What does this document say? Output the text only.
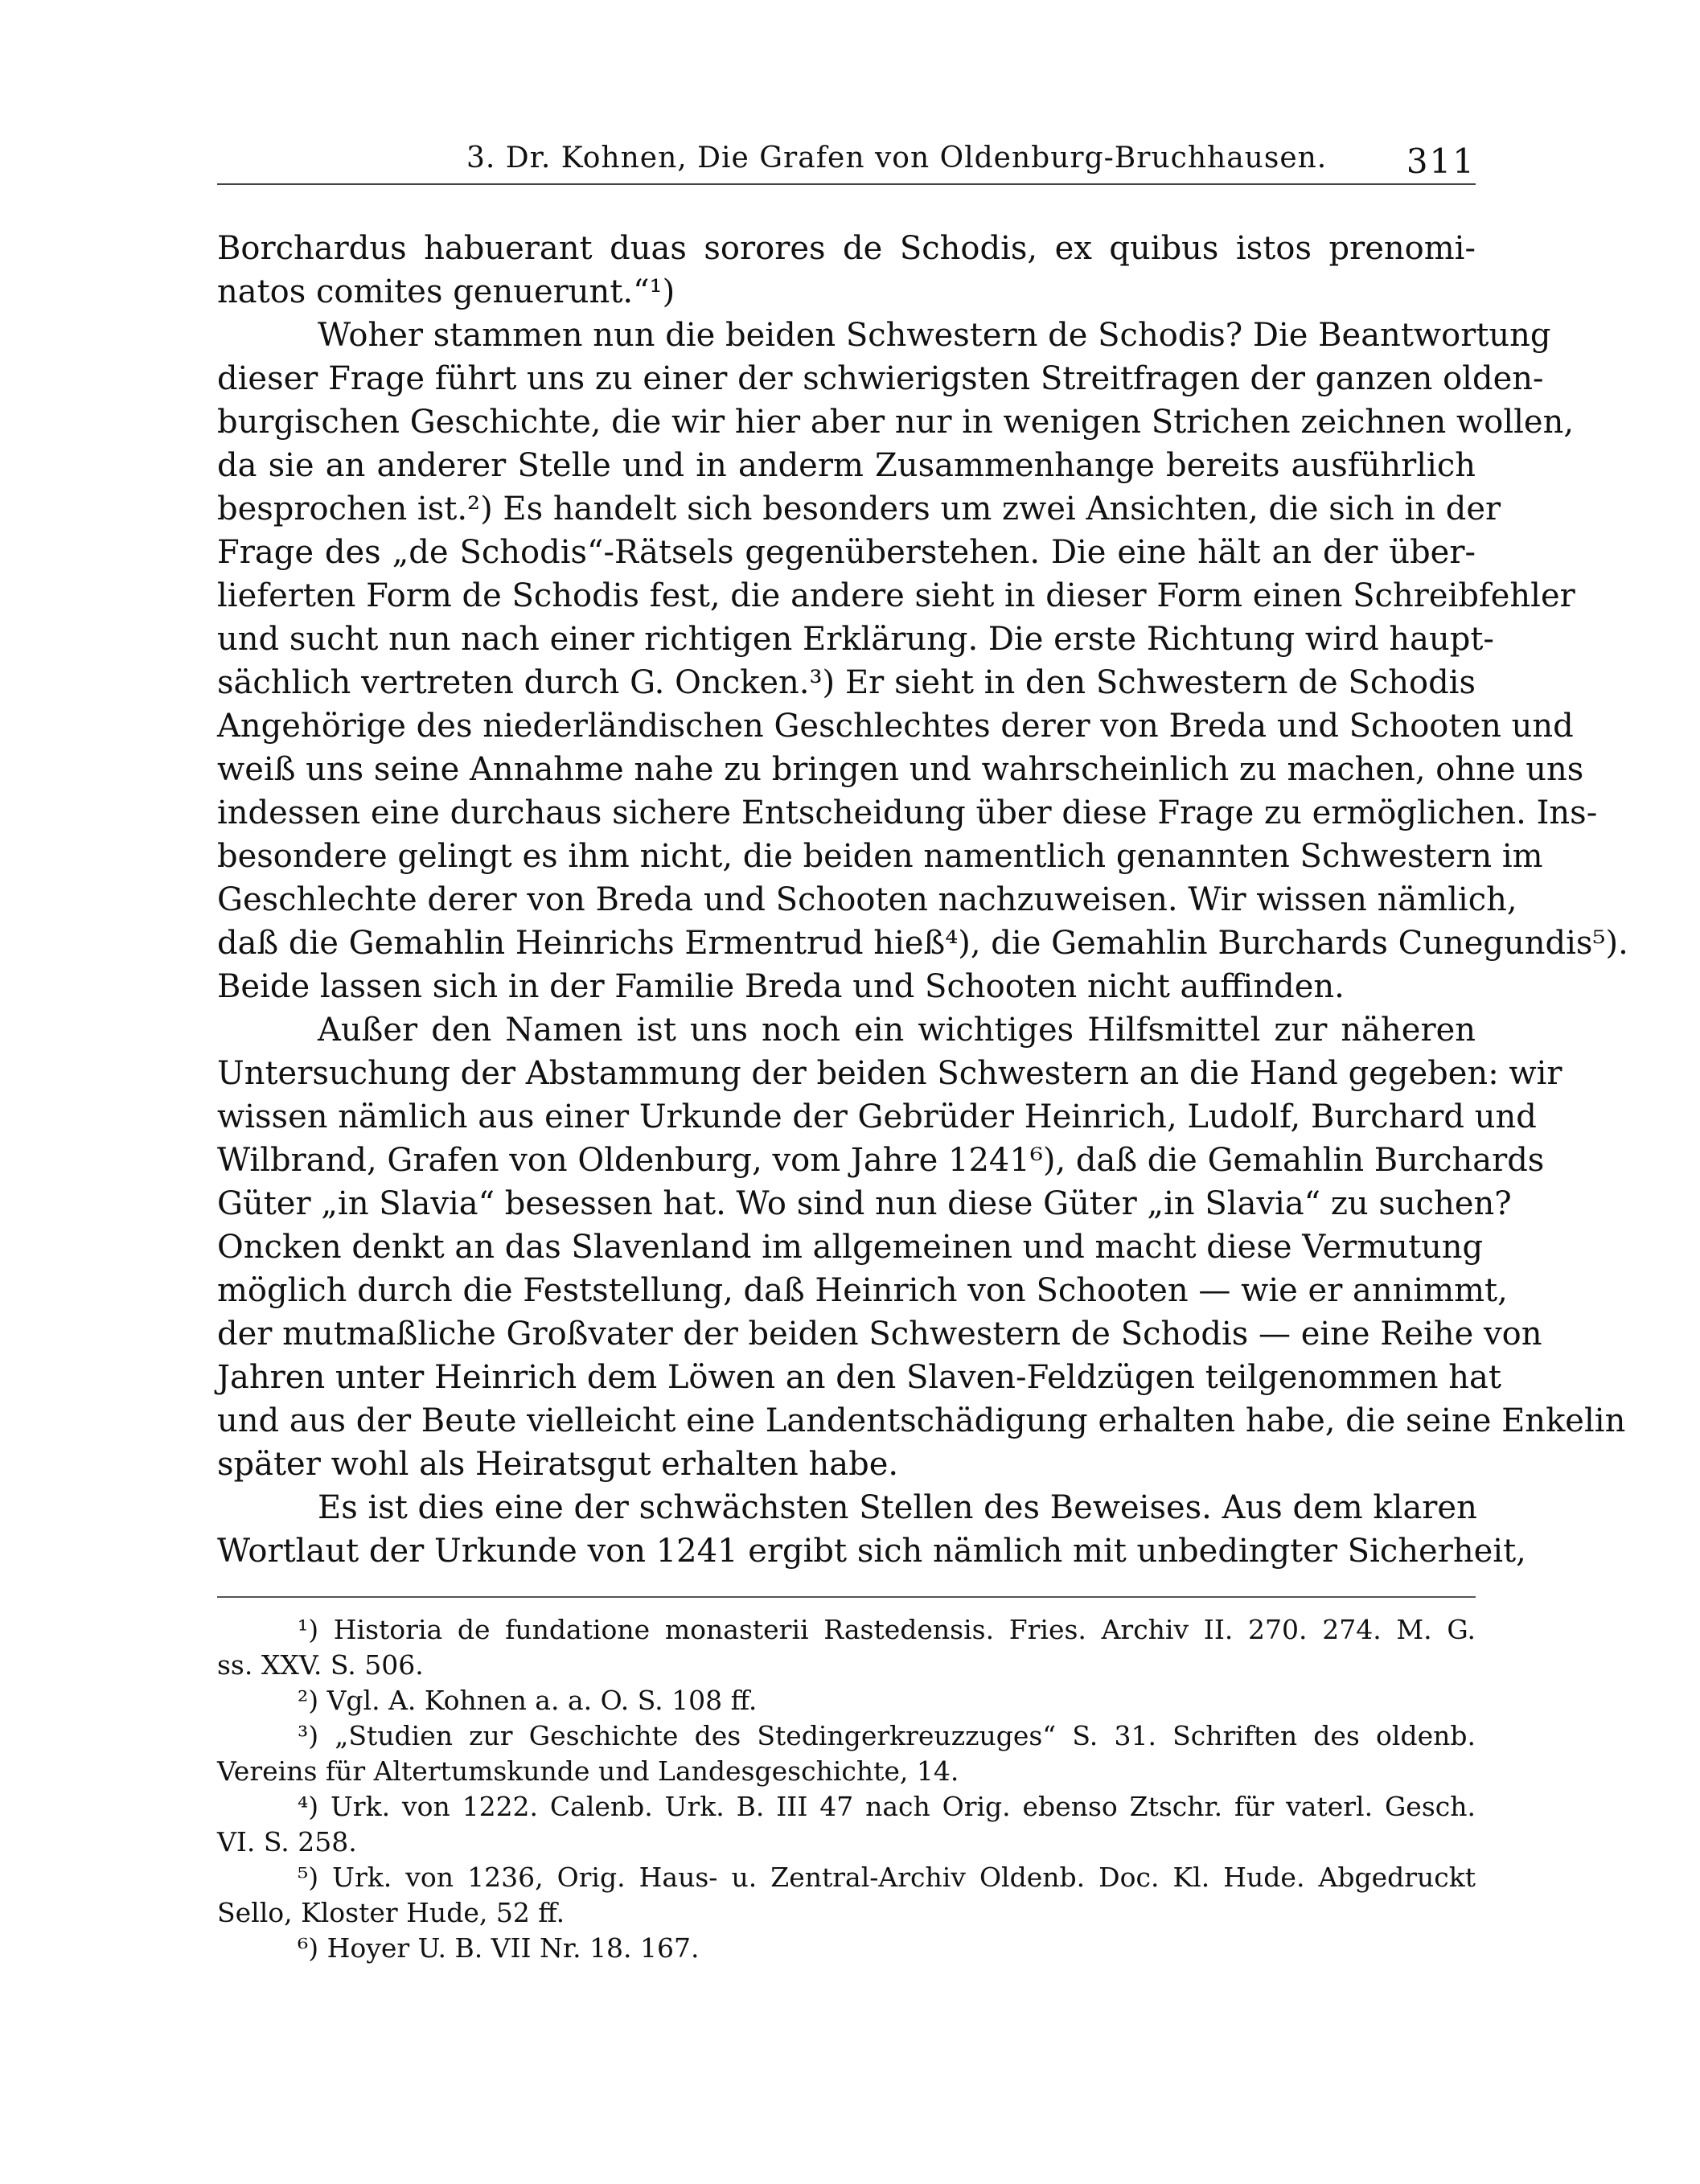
3. Dr. Kohnen, Die Grafen von Oldenburg-Bruchhausen. 311
Borchardus habuerant duas sorores de Schodis, ex quibus istos prenomi-
natos comites genuerunt.“¹)
Woher stammen nun die beiden Schwestern de Schodis? Die Beantwortung
dieser Frage führt uns zu einer der schwierigsten Streitfragen der ganzen olden-
burgischen Geschichte, die wir hier aber nur in wenigen Strichen zeichnen wollen,
da sie an anderer Stelle und in anderm Zusammenhange bereits ausführlich
besprochen ist.²) Es handelt sich besonders um zwei Ansichten, die sich in der
Frage des „de Schodis“-Rätsels gegenüberstehen. Die eine hält an der über-
lieferten Form de Schodis fest, die andere sieht in dieser Form einen Schreibfehler
und sucht nun nach einer richtigen Erklärung. Die erste Richtung wird haupt-
sächlich vertreten durch G. Oncken.³) Er sieht in den Schwestern de Schodis
Angehörige des niederländischen Geschlechtes derer von Breda und Schooten und
weiß uns seine Annahme nahe zu bringen und wahrscheinlich zu machen, ohne uns
indessen eine durchaus sichere Entscheidung über diese Frage zu ermöglichen. Ins-
besondere gelingt es ihm nicht, die beiden namentlich genannten Schwestern im
Geschlechte derer von Breda und Schooten nachzuweisen. Wir wissen nämlich,
daß die Gemahlin Heinrichs Ermentrud hieß⁴), die Gemahlin Burchards Cunegundis⁵).
Beide lassen sich in der Familie Breda und Schooten nicht auffinden.
Außer den Namen ist uns noch ein wichtiges Hilfsmittel zur näheren
Untersuchung der Abstammung der beiden Schwestern an die Hand gegeben: wir
wissen nämlich aus einer Urkunde der Gebrüder Heinrich, Ludolf, Burchard und
Wilbrand, Grafen von Oldenburg, vom Jahre 1241⁶), daß die Gemahlin Burchards
Güter „in Slavia“ besessen hat. Wo sind nun diese Güter „in Slavia“ zu suchen?
Oncken denkt an das Slavenland im allgemeinen und macht diese Vermutung
möglich durch die Feststellung, daß Heinrich von Schooten — wie er annimmt,
der mutmaßliche Großvater der beiden Schwestern de Schodis — eine Reihe von
Jahren unter Heinrich dem Löwen an den Slaven-Feldzügen teilgenommen hat
und aus der Beute vielleicht eine Landentschädigung erhalten habe, die seine Enkelin
später wohl als Heiratsgut erhalten habe.
Es ist dies eine der schwächsten Stellen des Beweises. Aus dem klaren
Wortlaut der Urkunde von 1241 ergibt sich nämlich mit unbedingter Sicherheit,
¹) Historia de fundatione monasterii Rastedensis. Fries. Archiv II. 270. 274. M. G.
ss. XXV. S. 506.
²) Vgl. A. Kohnen a. a. O. S. 108 ff.
³) „Studien zur Geschichte des Stedingerkreuzzuges“ S. 31. Schriften des oldenb.
Vereins für Altertumskunde und Landesgeschichte, 14.
⁴) Urk. von 1222. Calenb. Urk. B. III 47 nach Orig. ebenso Ztschr. für vaterl. Gesch.
VI. S. 258.
⁵) Urk. von 1236, Orig. Haus- u. Zentral-Archiv Oldenb. Doc. Kl. Hude. Abgedruckt
Sello, Kloster Hude, 52 ff.
⁶) Hoyer U. B. VII Nr. 18. 167.
